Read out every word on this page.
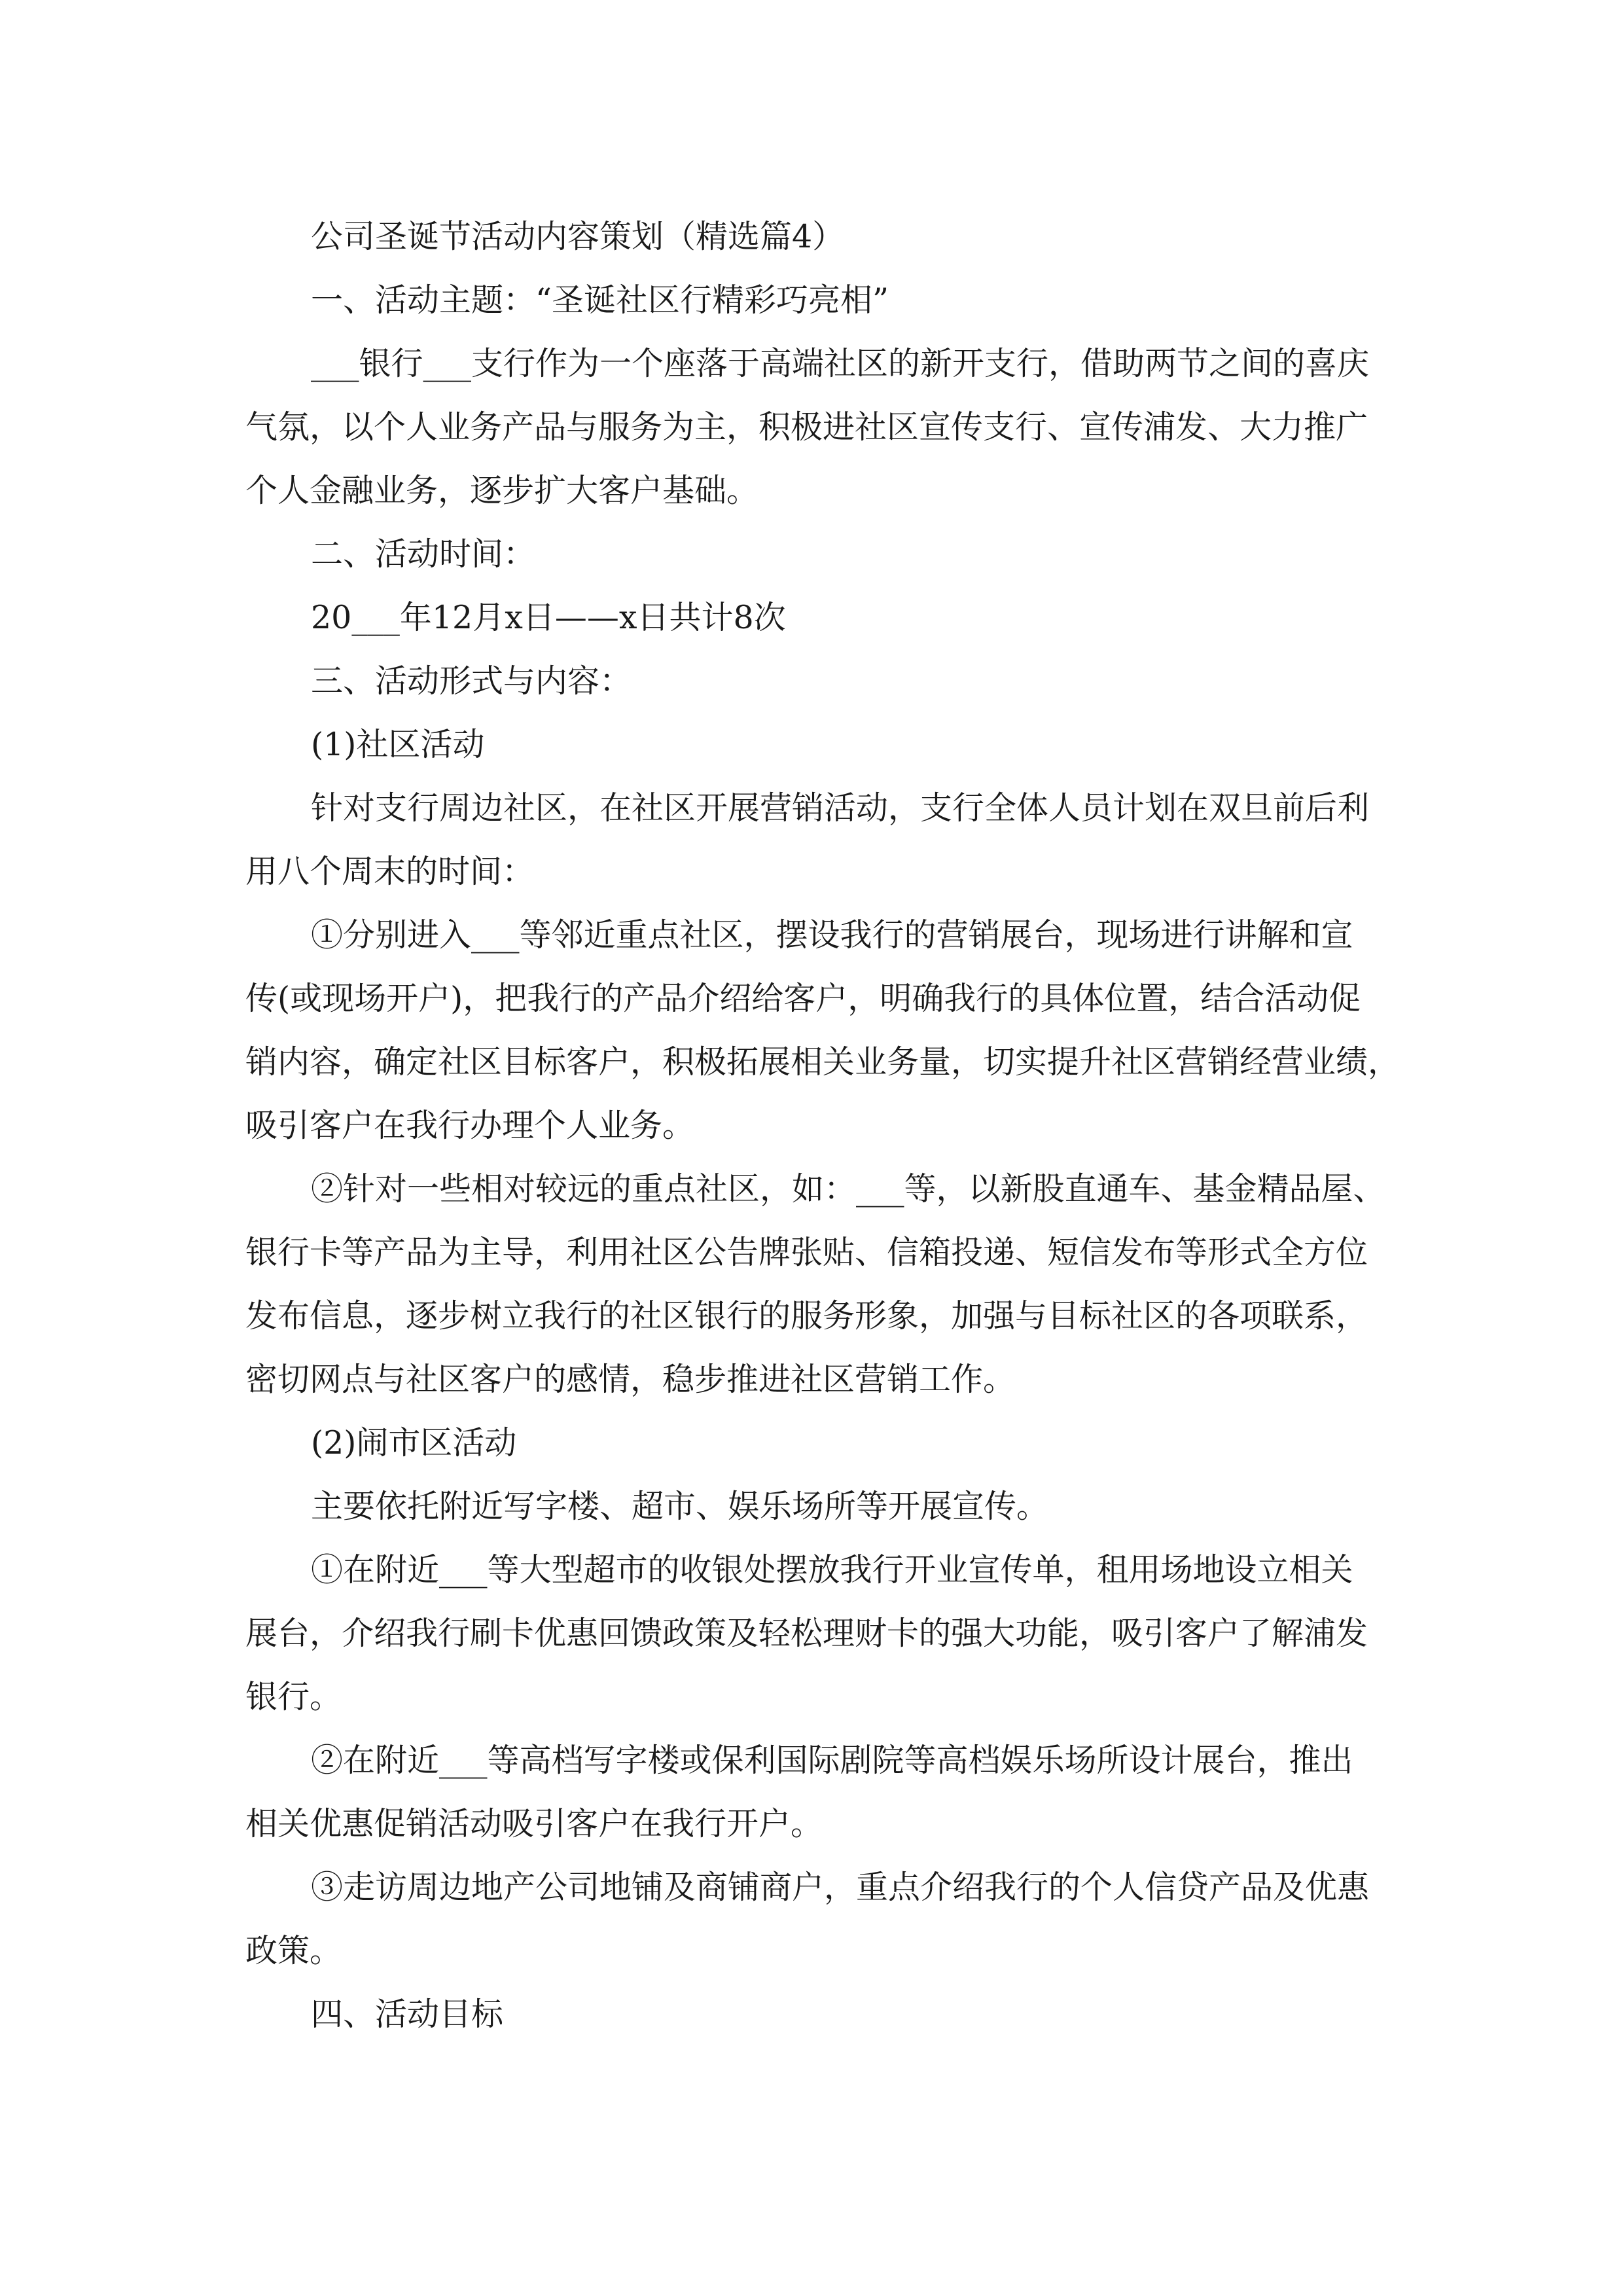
公司圣诞节活动内容策划（精选篇4）
一、活动主题：“圣诞社区行精彩巧亮相”
___银行___支行作为一个座落于高端社区的新开支行，借助两节之间的喜庆
气氛，以个人业务产品与服务为主，积极进社区宣传支行、宣传浦发、大力推广
个人金融业务，逐步扩大客户基础。
二、活动时间：
20___年12月x日——x日共计8次
三、活动形式与内容：
(1)社区活动
针对支行周边社区，在社区开展营销活动，支行全体人员计划在双旦前后利
用八个周末的时间：
①分别进入___等邻近重点社区，摆设我行的营销展台，现场进行讲解和宣
传(或现场开户)，把我行的产品介绍给客户，明确我行的具体位置，结合活动促
销内容，确定社区目标客户，积极拓展相关业务量，切实提升社区营销经营业绩，
吸引客户在我行办理个人业务。
②针对一些相对较远的重点社区，如：___等，以新股直通车、基金精品屋、
银行卡等产品为主导，利用社区公告牌张贴、信箱投递、短信发布等形式全方位
发布信息，逐步树立我行的社区银行的服务形象，加强与目标社区的各项联系，
密切网点与社区客户的感情，稳步推进社区营销工作。
(2)闹市区活动
主要依托附近写字楼、超市、娱乐场所等开展宣传。
①在附近___等大型超市的收银处摆放我行开业宣传单，租用场地设立相关
展台，介绍我行刷卡优惠回馈政策及轻松理财卡的强大功能，吸引客户了解浦发
银行。
②在附近___等高档写字楼或保利国际剧院等高档娱乐场所设计展台，推出
相关优惠促销活动吸引客户在我行开户。
③走访周边地产公司地铺及商铺商户，重点介绍我行的个人信贷产品及优惠
政策。
四、活动目标
